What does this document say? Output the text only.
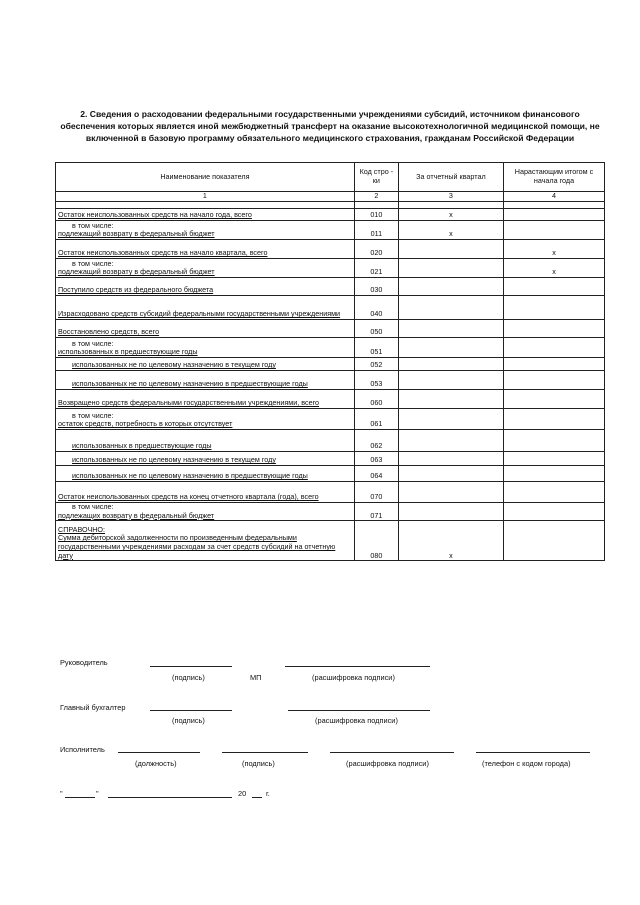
2. Сведения о расходовании федеральными государственными учреждениями субсидий, источником финансового обеспечения которых является иной межбюджетный трансферт на оказание высокотехнологичной медицинской помощи, не включенной в базовую программу обязательного медицинского страхования, гражданам Российской Федерации
Наименование показателя	Код стро - ки	За отчетный квартал	Нарастающим итогом с начала года
1	2	3	4

Остаток неиспользованных средств на начало года, всего	010	x	

в том числе:
подлежащий возврату в федеральный бюджет	011	x	
Остаток неиспользованных средств на начало квартала, всего	020		x

в том числе:
подлежащий возврату в федеральный бюджет	021		x
Поступило средств из федерального бюджета	030		
Израсходовано средств субсидий федеральными государственными учреждениями	040		
Восстановлено средств, всего	050		

в том числе:
использованных в предшествующие годы	051		
использованных не по целевому назначению в текущем году	052		
использованных не по целевому назначению в предшествующие годы	053		
Возвращено средств федеральными государственными учреждениями, всего	060		

в том числе:
остаток средств, потребность в которых отсутствует	061		
использованных в предшествующие годы	062		
использованных не по целевому назначению в текущем году	063		
использованных не по целевому назначению в предшествующие годы	064		
Остаток неиспользованных средств на конец отчетного квартала (года), всего	070		

в том числе:
подлежащих возврату в федеральный бюджет	071		

СПРАВОЧНО:
Сумма дебиторской задолженности по произведенным федеральными государственными учреждениями расходам за счет средств субсидий на отчетную дату	080	x	
Руководитель
(подпись)	МП	(расшифровка подписи)
Главный бухгалтер
(подпись)	(расшифровка подписи)
Исполнитель
(должность)	(подпись)	(расшифровка подписи)	(телефон с кодом города)
"	"	20	г.
